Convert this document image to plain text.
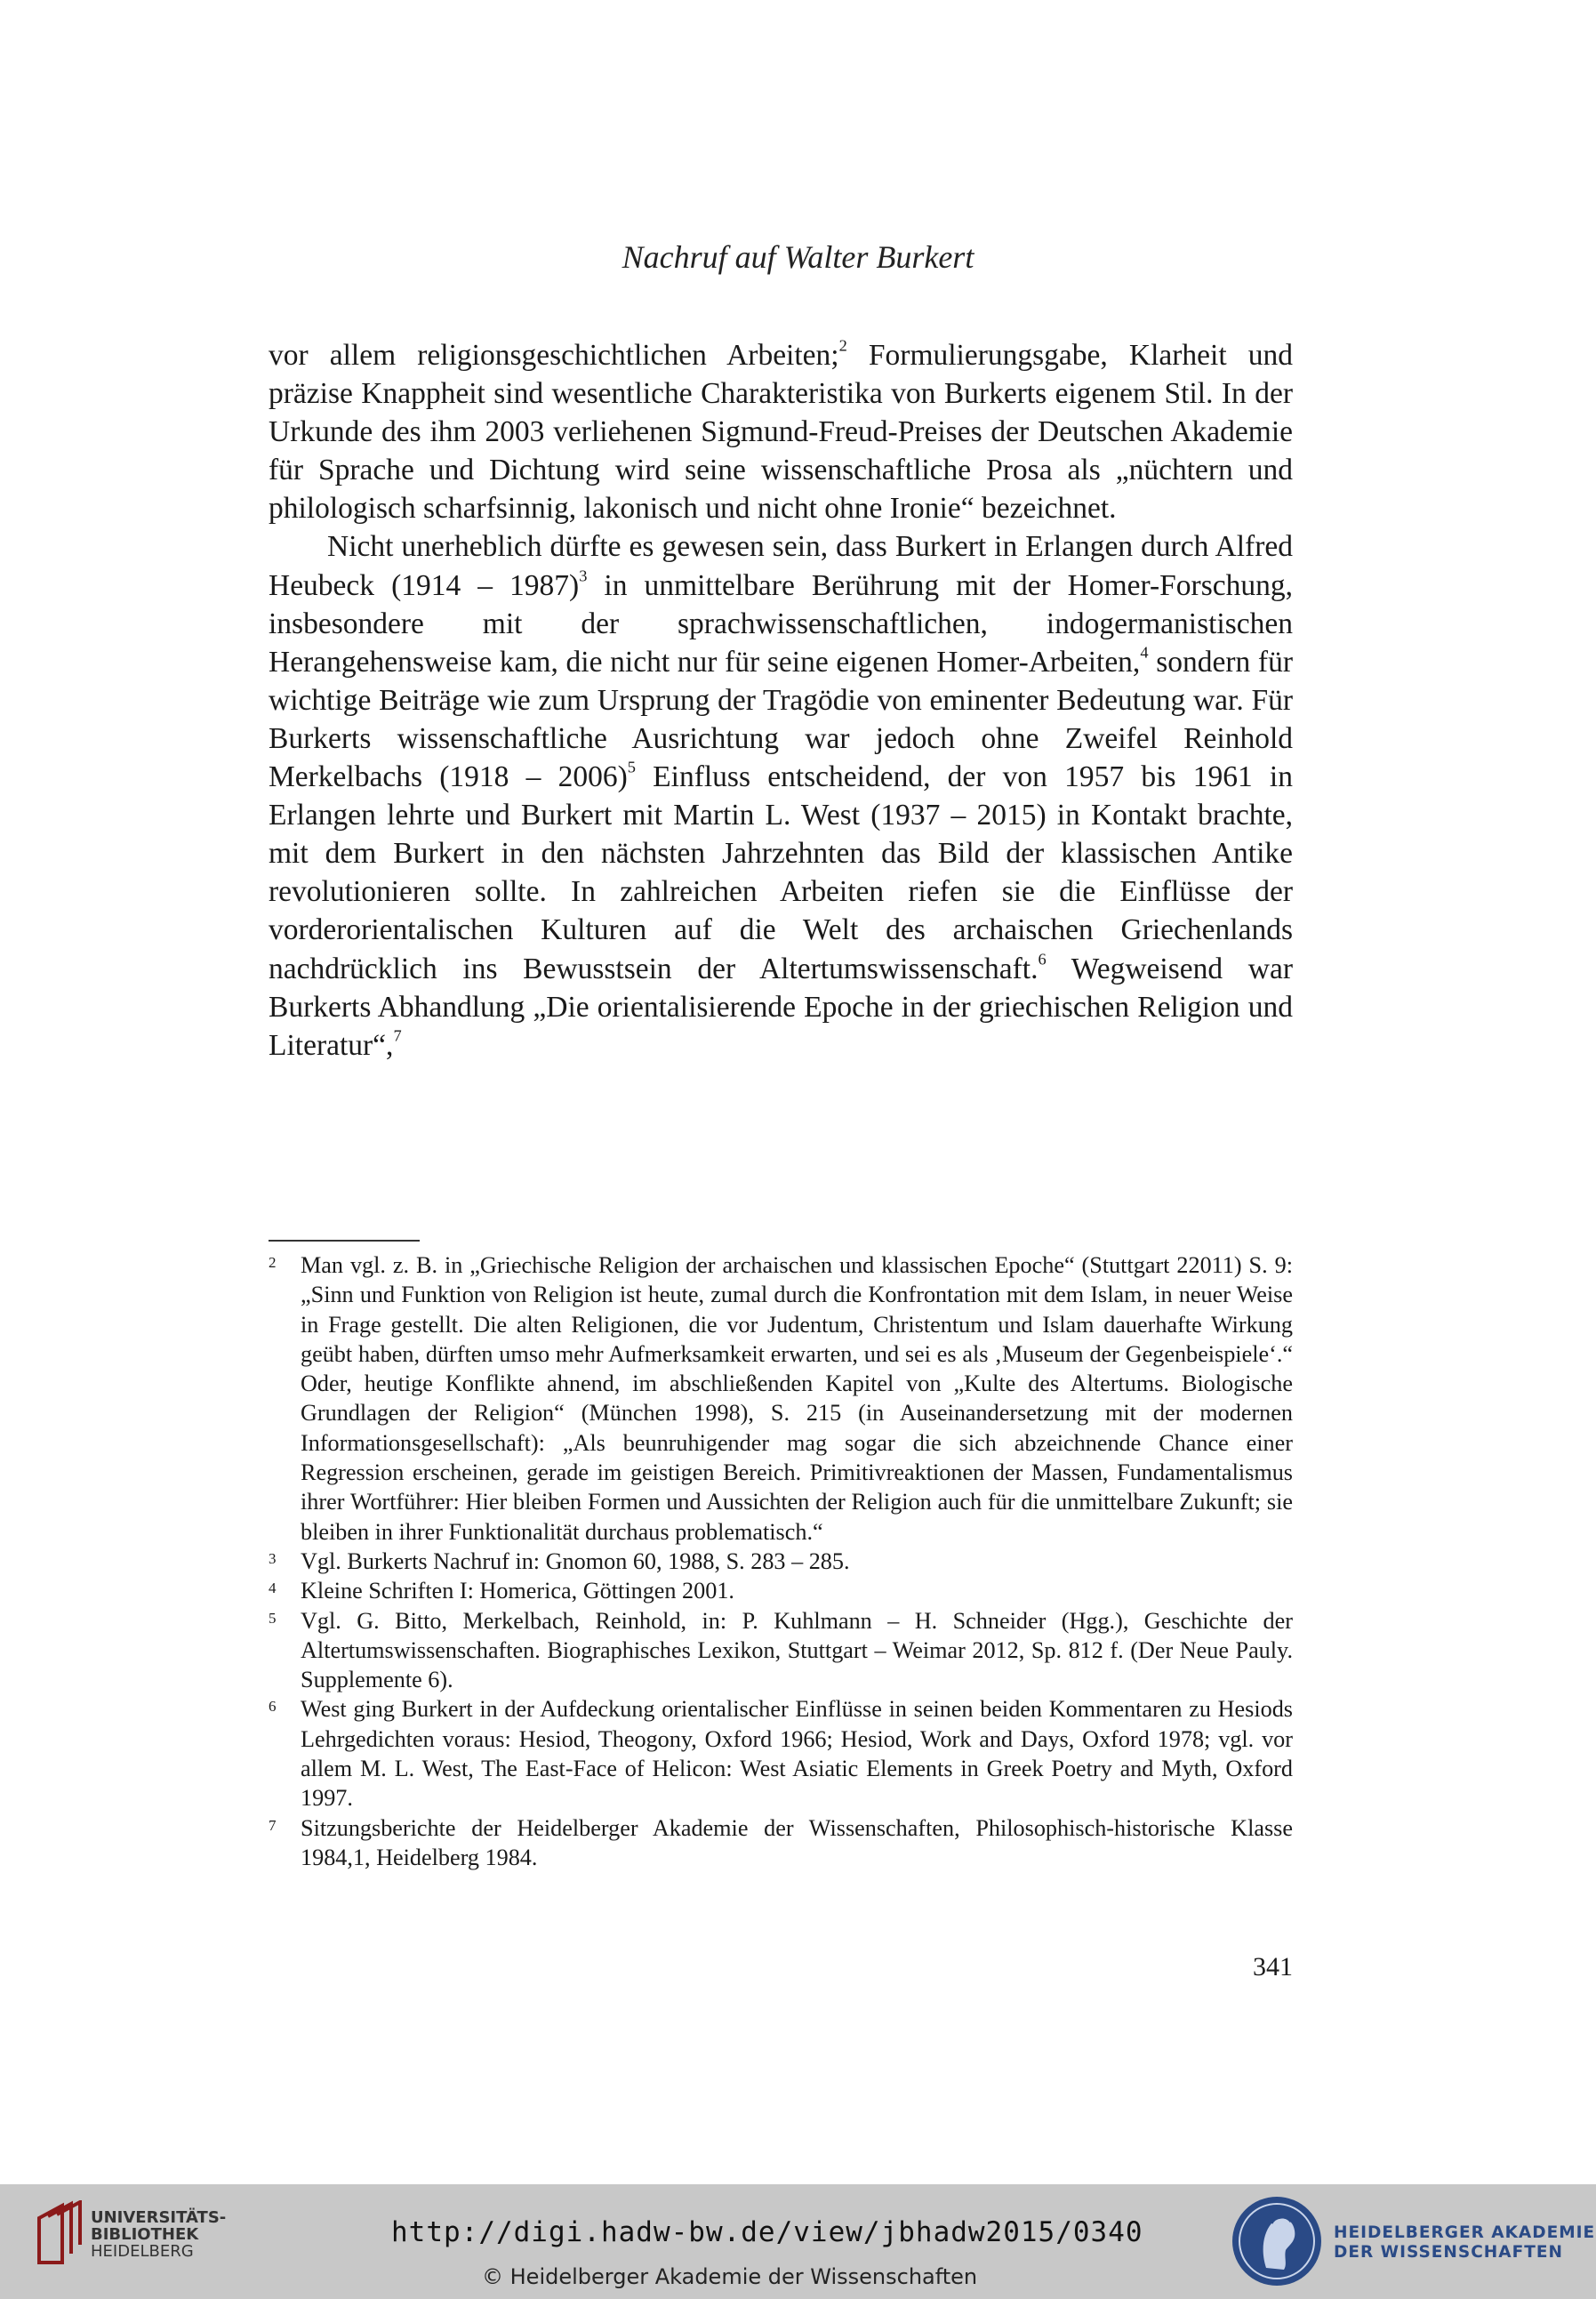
Nachruf auf Walter Burkert

vor allem religionsgeschichtlichen Arbeiten;$^2$ Formulierungsgabe, Klarheit und präzise Knappheit sind wesentliche Charakteristika von Burkerts eigenem Stil. In der Urkunde des ihm 2003 verliehenen Sigmund-Freud-Preises der Deutschen Akademie für Sprache und Dichtung wird seine wissenschaftliche Prosa als „nüchtern und philologisch scharfsinnig, lakonisch und nicht ohne Ironie“ bezeichnet.

Nicht unerheblich dürfte es gewesen sein, dass Burkert in Erlangen durch Alfred Heubeck (1914 – 1987)$^3$ in unmittelbare Berührung mit der Homer-Forschung, insbesondere mit der sprachwissenschaftlichen, indogermanistischen Herangehensweise kam, die nicht nur für seine eigenen Homer-Arbeiten,$^4$ sondern für wichtige Beiträge wie zum Ursprung der Tragödie von eminenter Bedeutung war. Für Burkerts wissenschaftliche Ausrichtung war jedoch ohne Zweifel Reinhold Merkelbachs (1918 – 2006)$^5$ Einfluss entscheidend, der von 1957 bis 1961 in Erlangen lehrte und Burkert mit Martin L. West (1937 – 2015) in Kontakt brachte, mit dem Burkert in den nächsten Jahrzehnten das Bild der klassischen Antike revolutionieren sollte. In zahlreichen Arbeiten riefen sie die Einflüsse der vorderorientalischen Kulturen auf die Welt des archaischen Griechenlands nachdrücklich ins Bewusstsein der Altertumswissenschaft.$^6$ Wegweisend war Burkerts Abhandlung „Die orientalisierende Epoche in der griechischen Religion und Literatur“,$^7$

2 Man vgl. z. B. in „Griechische Religion der archaischen und klassischen Epoche“ (Stuttgart 22011) S. 9: „Sinn und Funktion von Religion ist heute, zumal durch die Konfrontation mit dem Islam, in neuer Weise in Frage gestellt. Die alten Religionen, die vor Judentum, Christentum und Islam dauerhafte Wirkung geübt haben, dürften umso mehr Aufmerksamkeit erwarten, und sei es als ‚Museum der Gegenbeispiele‘.“ Oder, heutige Konflikte ahnend, im abschließenden Kapitel von „Kulte des Altertums. Biologische Grundlagen der Religion“ (München 1998), S. 215 (in Auseinandersetzung mit der modernen Informationsgesellschaft): „Als beunruhigender mag sogar die sich abzeichnende Chance einer Regression erscheinen, gerade im geistigen Bereich. Primitivreaktionen der Massen, Fundamentalismus ihrer Wortführer: Hier bleiben Formen und Aussichten der Religion auch für die unmittelbare Zukunft; sie bleiben in ihrer Funktionalität durchaus problematisch.“
3 Vgl. Burkerts Nachruf in: Gnomon 60, 1988, S. 283 – 285.
4 Kleine Schriften I: Homerica, Göttingen 2001.
5 Vgl. G. Bitto, Merkelbach, Reinhold, in: P. Kuhlmann – H. Schneider (Hgg.), Geschichte der Altertumswissenschaften. Biographisches Lexikon, Stuttgart – Weimar 2012, Sp. 812 f. (Der Neue Pauly. Supplemente 6).
6 West ging Burkert in der Aufdeckung orientalischer Einflüsse in seinen beiden Kommentaren zu Hesiods Lehrgedichten voraus: Hesiod, Theogony, Oxford 1966; Hesiod, Work and Days, Oxford 1978; vgl. vor allem M. L. West, The East-Face of Helicon: West Asiatic Elements in Greek Poetry and Myth, Oxford 1997.
7 Sitzungsberichte der Heidelberger Akademie der Wissenschaften, Philosophisch-historische Klasse 1984,1, Heidelberg 1984.
341
UNIVERSITÄTS-
BIBLIOTHEK
HEIDELBERG
http://digi.hadw-bw.de/view/jbhadw2015/0340
© Heidelberger Akademie der Wissenschaften
HEIDELBERGER AKADEMIE
DER WISSENSCHAFTEN
